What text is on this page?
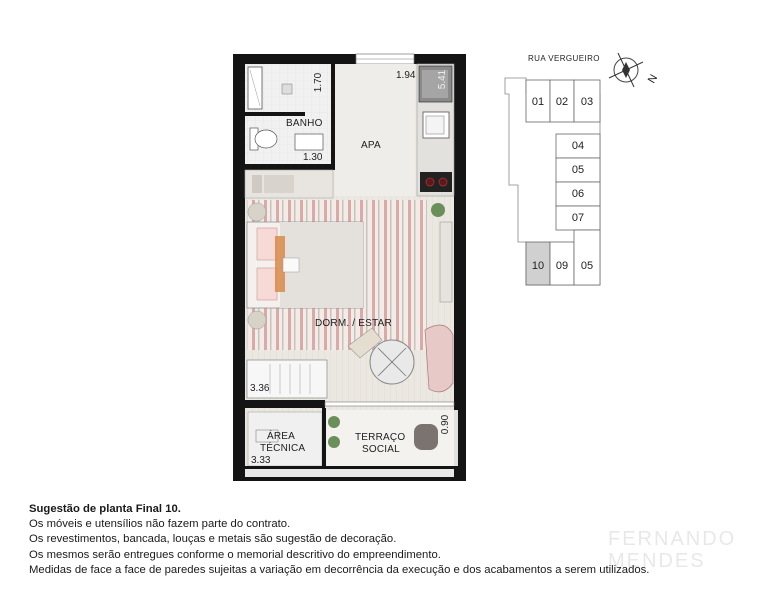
BANHO
APA
DORM. / ESTAR
ÁREA
TÉCNICA
TERRAÇO
SOCIAL
1.70
1.30
1.94 5.41
3.36
3.33
0.90
RUA VERGUEIRO
N
01	02	03
04
05
06
07
10	09	05
FERNANDO
MENDES
Sugestão de planta Final 10.
Os móveis e utensílios não fazem parte do contrato.
Os revestimentos, bancada, louças e metais são sugestão de decoração.
Os mesmos serão entregues conforme o memorial descritivo do empreendimento.
Medidas de face a face de paredes sujeitas a variação em decorrência da execução e dos acabamentos a serem utilizados.
